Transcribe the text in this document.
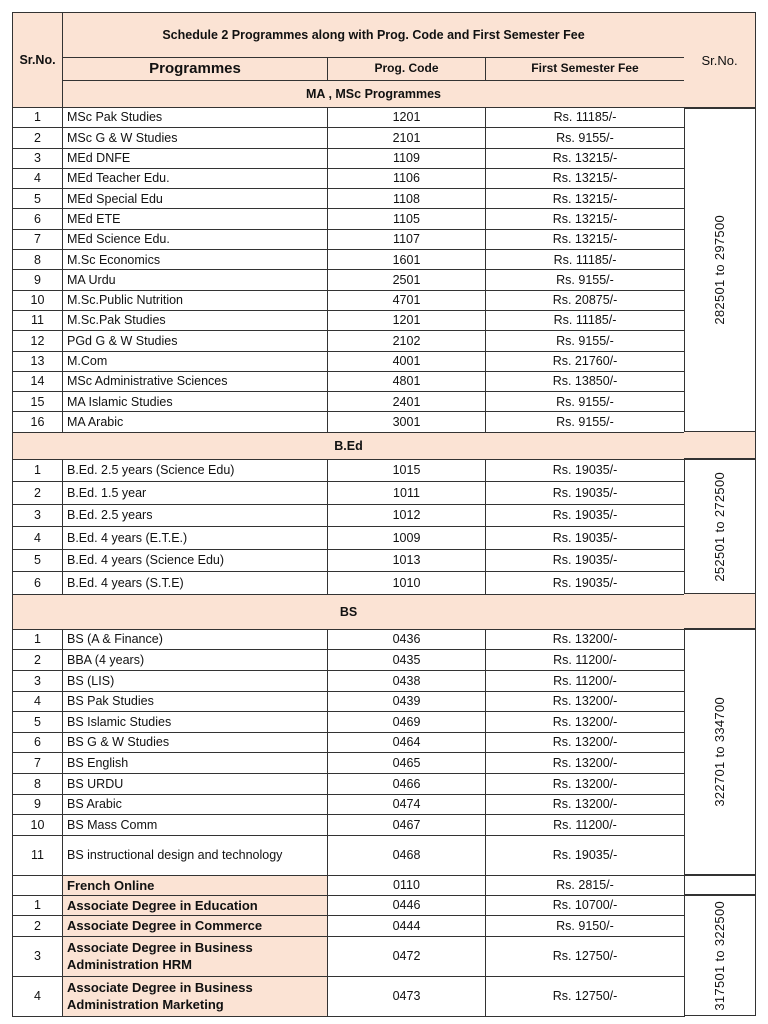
Sr.No.	Schedule 2 Programmes along with Prog. Code and First Semester Fee		
	Programmes	Prog. Code	First Semester Fee
	MA , MSc Programmes		
1	MSc Pak Studies	1201	Rs. 11185/-
2	MSc G & W Studies	2101	Rs. 9155/-
3	MEd DNFE	1109	Rs. 13215/-
4	MEd Teacher Edu.	1106	Rs. 13215/-
5	MEd Special Edu	1108	Rs. 13215/-
6	MEd ETE	1105	Rs. 13215/-
7	MEd Science Edu.	1107	Rs. 13215/-
8	M.Sc Economics	1601	Rs. 11185/-
9	MA Urdu	2501	Rs. 9155/-
10	M.Sc.Public Nutrition	4701	Rs. 20875/-
11	M.Sc.Pak Studies	1201	Rs. 11185/-
12	PGd G & W Studies	2102	Rs. 9155/-
13	M.Com	4001	Rs. 21760/-
14	MSc Administrative Sciences	4801	Rs. 13850/-
15	MA Islamic Studies	2401	Rs. 9155/-
16	MA Arabic	3001	Rs. 9155/-
B.Ed			
1	B.Ed. 2.5 years (Science Edu)	1015	Rs. 19035/-
2	B.Ed. 1.5 year	1011	Rs. 19035/-
3	B.Ed. 2.5 years	1012	Rs. 19035/-
4	B.Ed. 4 years (E.T.E.)	1009	Rs. 19035/-
5	B.Ed. 4 years (Science Edu)	1013	Rs. 19035/-
6	B.Ed. 4 years (S.T.E)	1010	Rs. 19035/-
BS			
1	BS (A & Finance)	0436	Rs. 13200/-
2	BBA (4 years)	0435	Rs. 11200/-
3	BS (LIS)	0438	Rs. 11200/-
4	BS Pak Studies	0439	Rs. 13200/-
5	BS Islamic Studies	0469	Rs. 13200/-
6	BS G & W Studies	0464	Rs. 13200/-
7	BS English	0465	Rs. 13200/-
8	BS URDU	0466	Rs. 13200/-
9	BS Arabic	0474	Rs. 13200/-
10	BS Mass Comm	0467	Rs. 11200/-
11	BS instructional design and technology	0468	Rs. 19035/-
	French Online	0110	Rs. 2815/-
1	Associate Degree in Education	0446	Rs. 10700/-
2	Associate Degree in Commerce	0444	Rs. 9150/-
3	Associate Degree in Business Administration HRM	0472	Rs. 12750/-
4	Associate Degree in Business Administration Marketing	0473	Rs. 12750/-
Sr.No.
282501 to 297500
252501 to 272500
322701 to 334700
317501 to 322500
